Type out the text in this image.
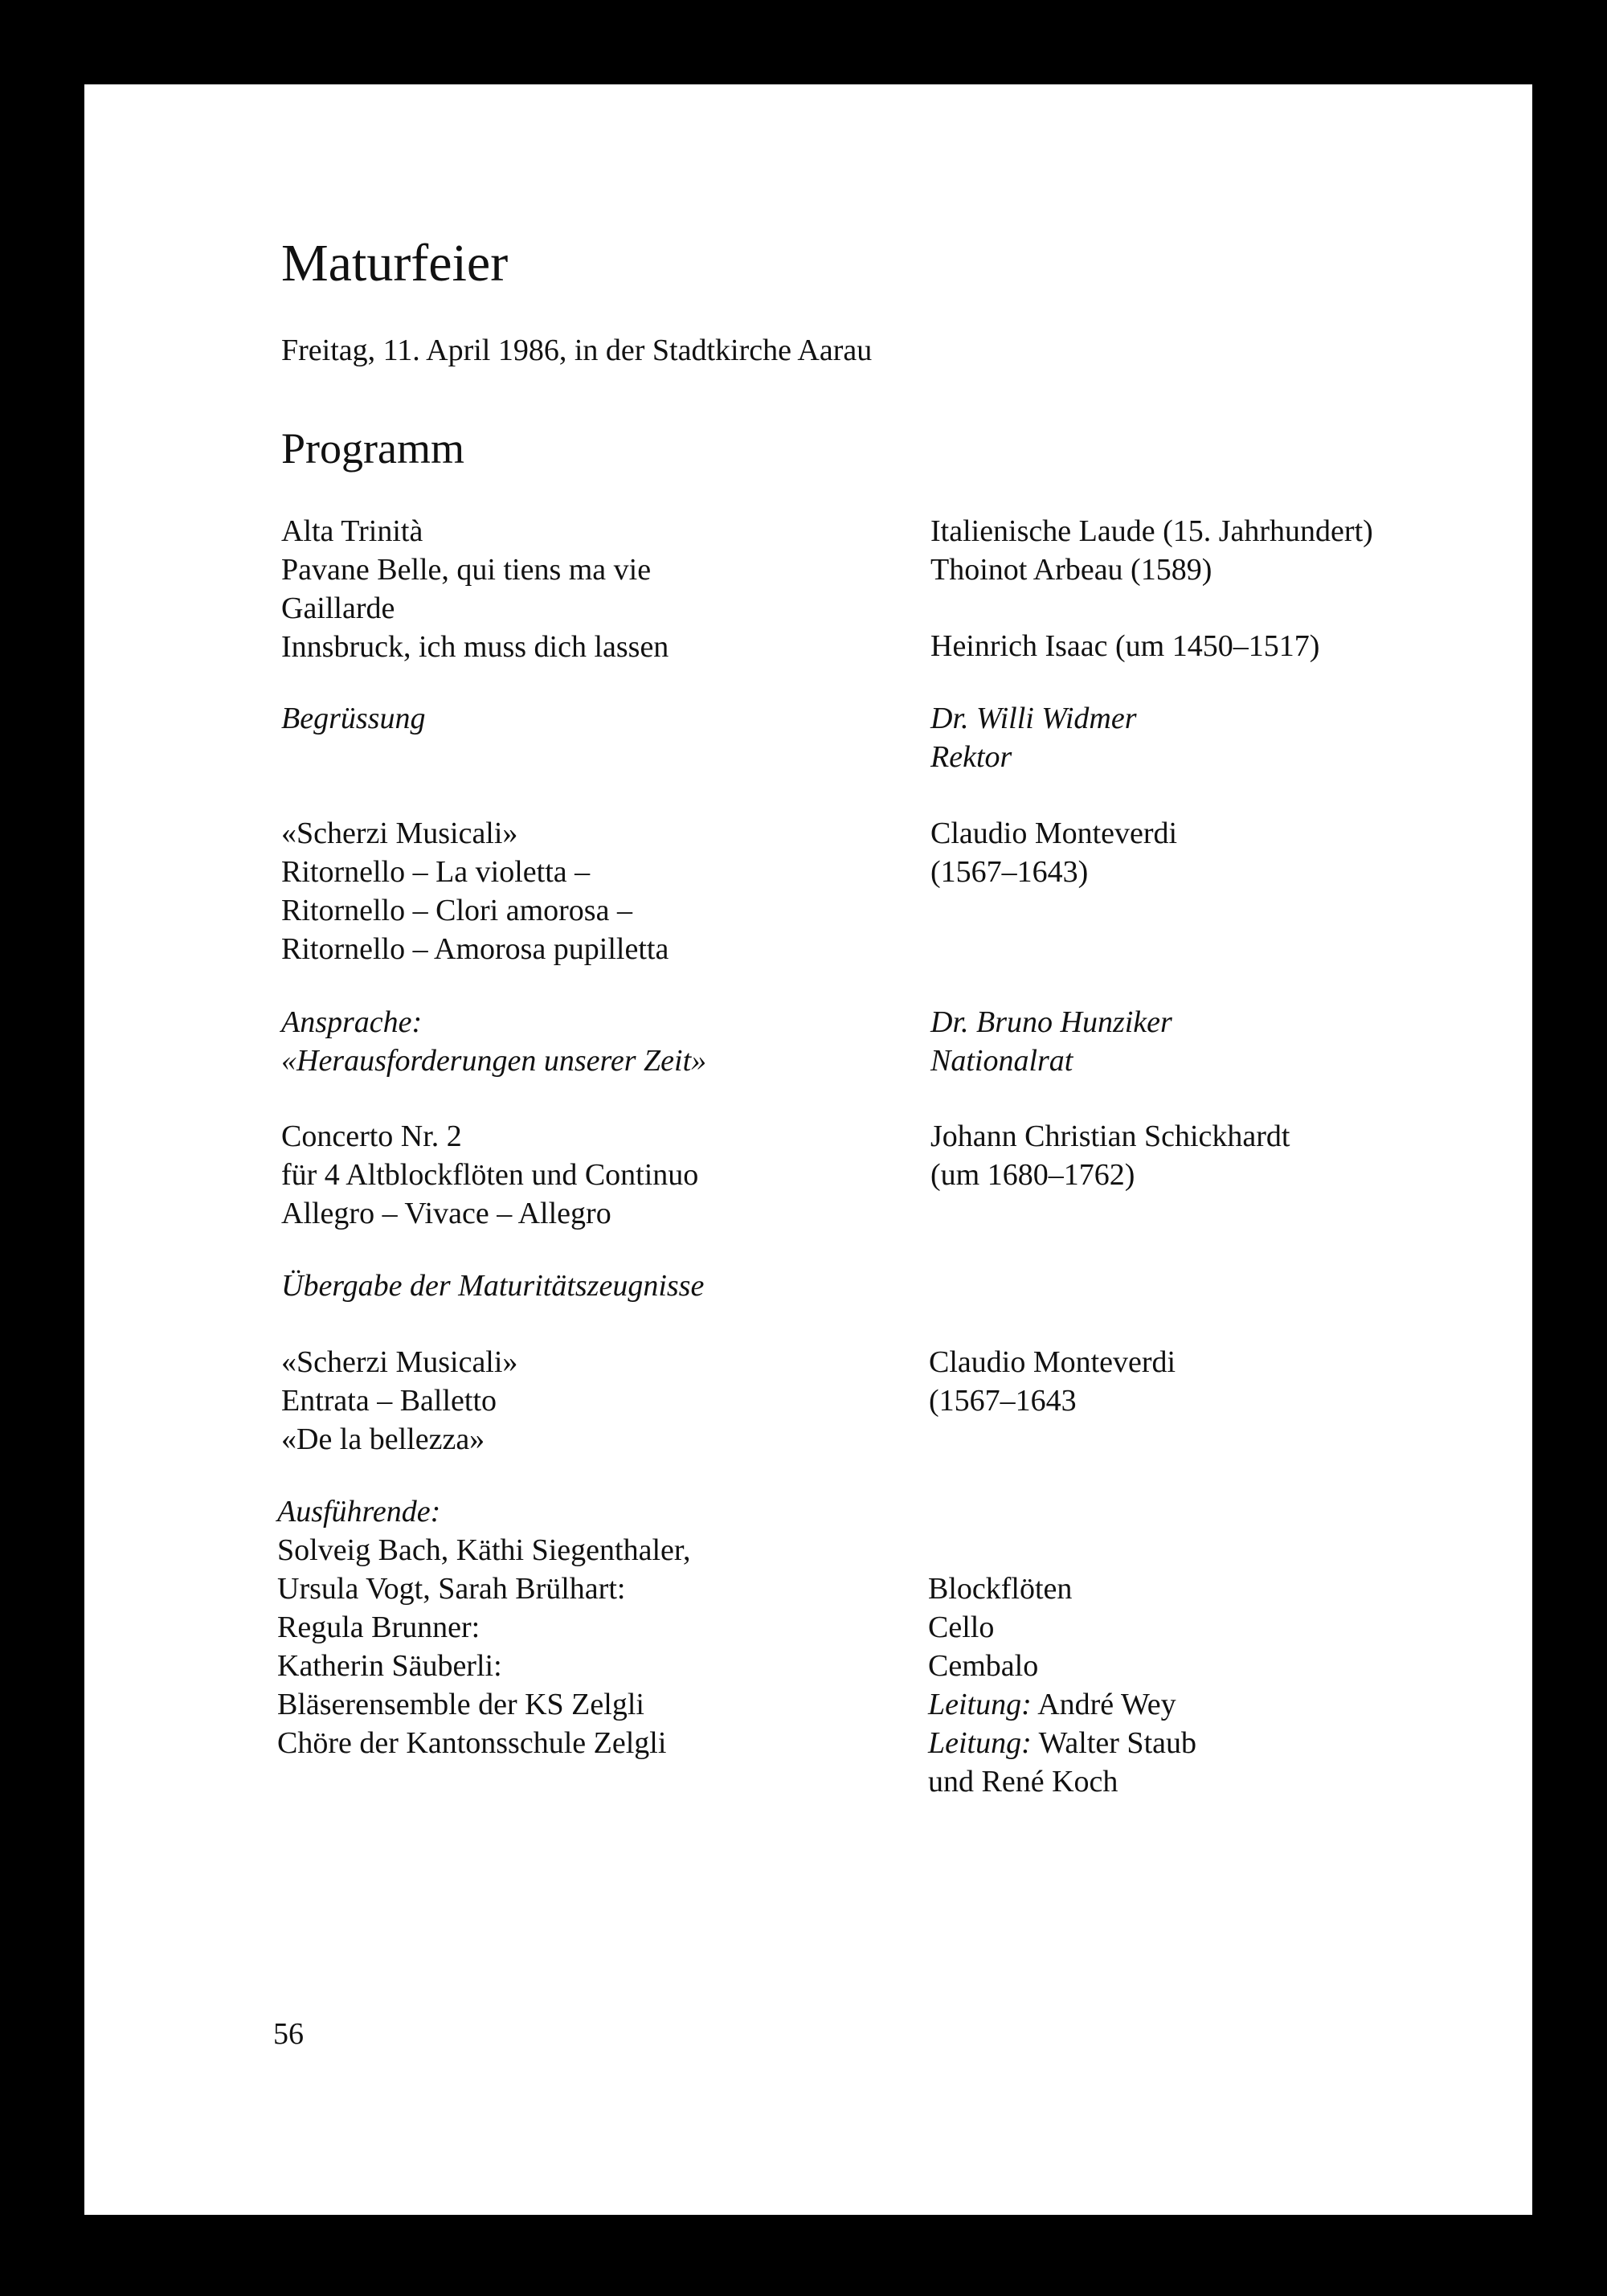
Maturfeier
Freitag, 11. April 1986, in der Stadtkirche Aarau
Programm
Alta Trinità
Pavane Belle, qui tiens ma vie
Gaillarde
Innsbruck, ich muss dich lassen
Begrüssung
«Scherzi Musicali»
Ritornello – La violetta –
Ritornello – Clori amorosa –
Ritornello – Amorosa pupilletta
Ansprache:
«Herausforderungen unserer Zeit»
Concerto Nr. 2
für 4 Altblockflöten und Continuo
Allegro – Vivace – Allegro
Übergabe der Maturitätszeugnisse
«Scherzi Musicali»
Entrata – Balletto
«De la bellezza»
Ausführende:
Solveig Bach, Käthi Siegenthaler,
Ursula Vogt, Sarah Brülhart:
Regula Brunner:
Katherin Säuberli:
Bläserensemble der KS Zelgli
Chöre der Kantonsschule Zelgli
Italienische Laude (15. Jahrhundert)
Thoinot Arbeau (1589)
Heinrich Isaac (um 1450–1517)
Dr. Willi Widmer
Rektor
Claudio Monteverdi
(1567–1643)
Dr. Bruno Hunziker
Nationalrat
Johann Christian Schickhardt
(um 1680–1762)
Claudio Monteverdi
(1567–1643
Blockflöten
Cello
Cembalo
Leitung: André Wey
Leitung: Walter Staub
und René Koch
56
